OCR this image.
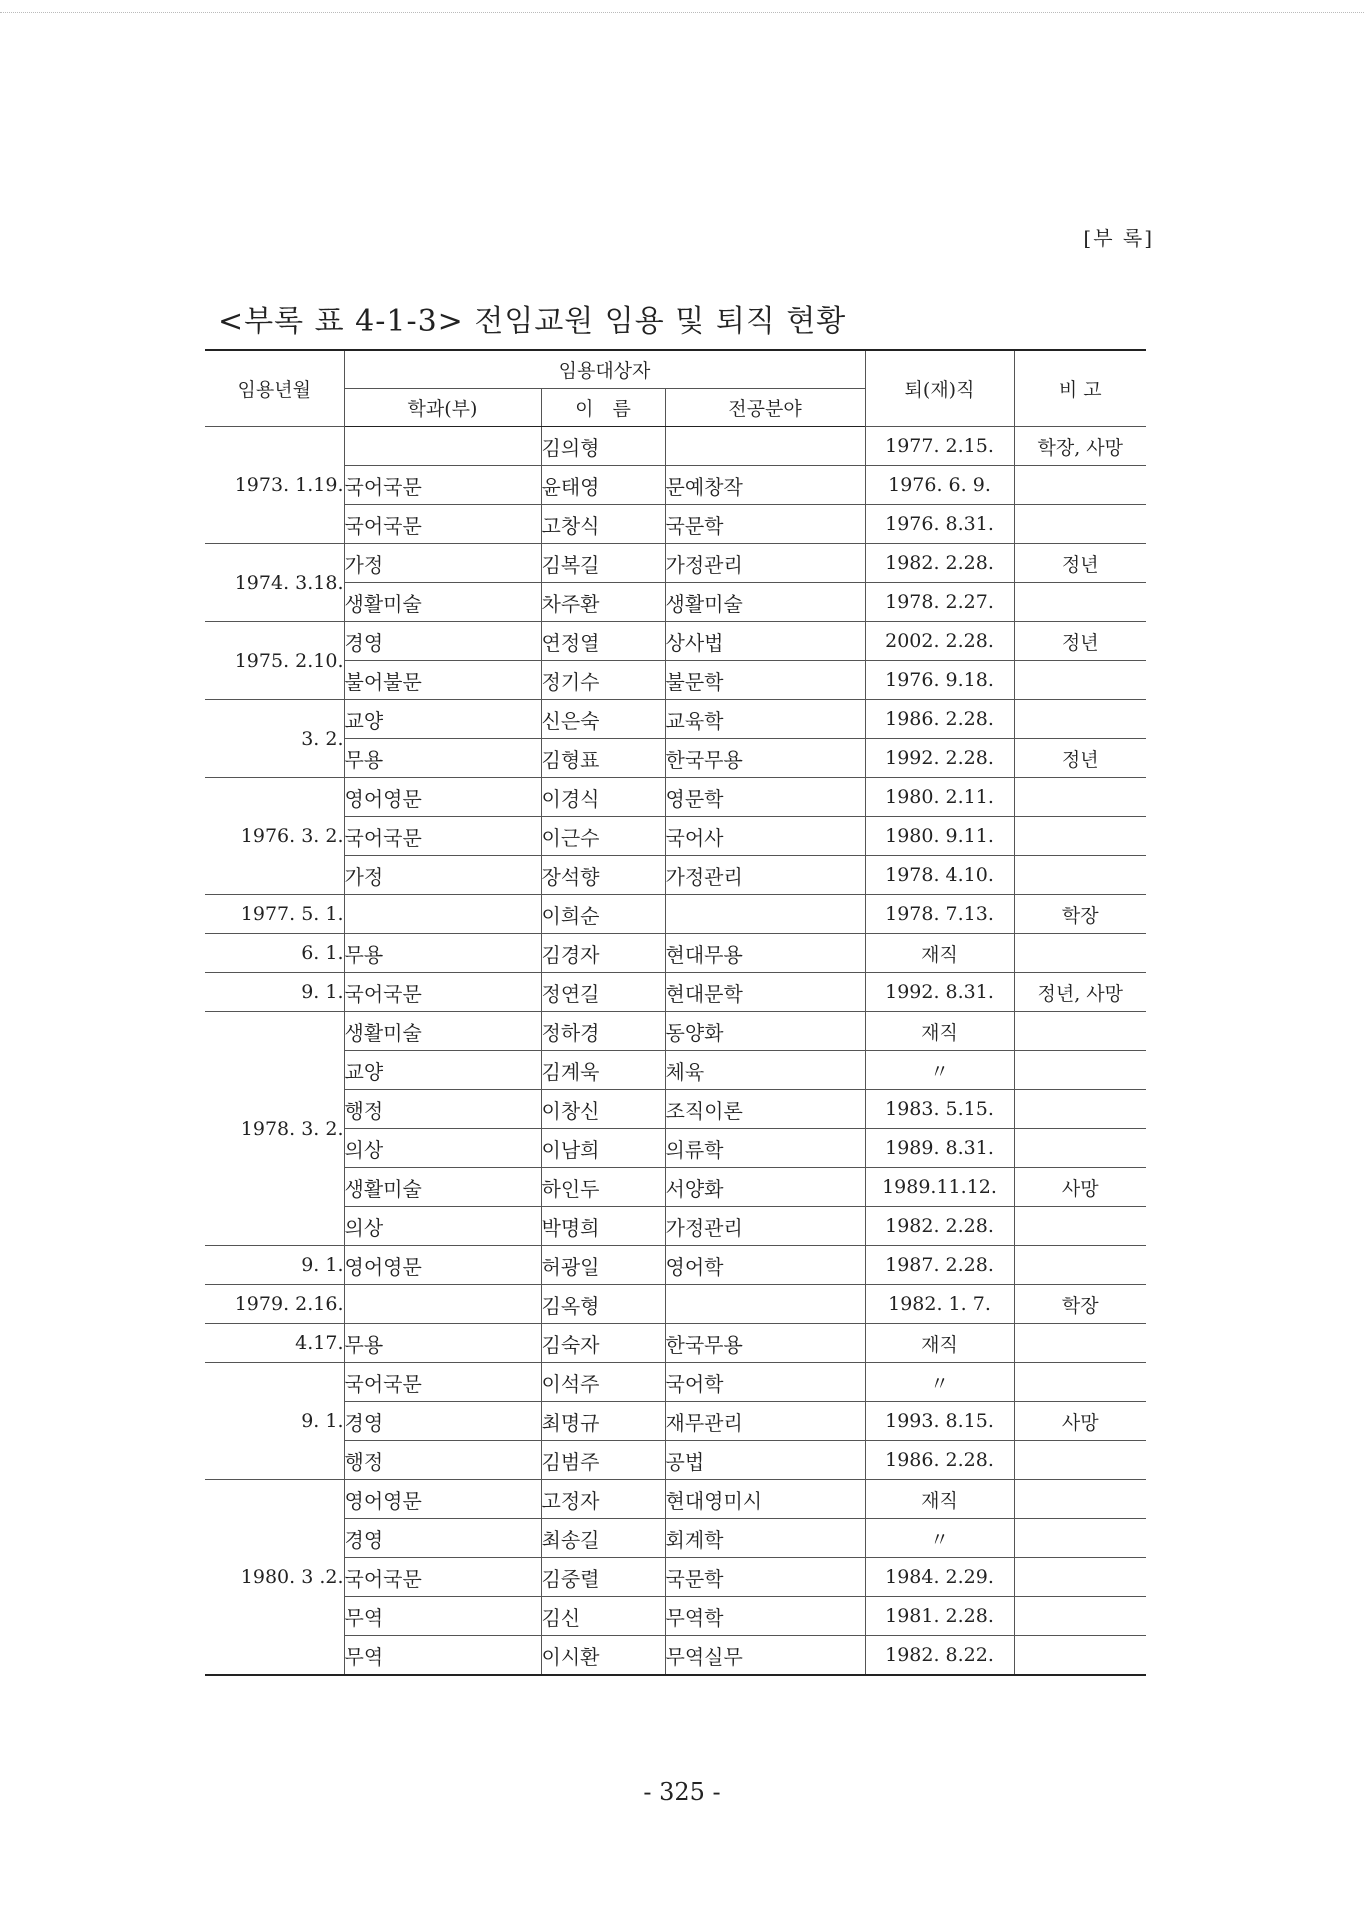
[부 록]
<부록 표 4-1-3> 전임교원 임용 및 퇴직 현황
임용년월	임용대상자			퇴(재)직	비 고
	학과(부)	이　름	전공분야		
1973. 1.19.		김의형		1977. 2.15.	학장, 사망
	국어국문	윤태영	문예창작	1976. 6. 9.	
	국어국문	고창식	국문학	1976. 8.31.	
1974. 3.18.	가정	김복길	가정관리	1982. 2.28.	정년
	생활미술	차주환	생활미술	1978. 2.27.	
1975. 2.10.	경영	연정열	상사법	2002. 2.28.	정년
	불어불문	정기수	불문학	1976. 9.18.	
3. 2.	교양	신은숙	교육학	1986. 2.28.	
	무용	김형표	한국무용	1992. 2.28.	정년
1976. 3. 2.	영어영문	이경식	영문학	1980. 2.11.	
	국어국문	이근수	국어사	1980. 9.11.	
	가정	장석향	가정관리	1978. 4.10.	
1977. 5. 1.		이희순		1978. 7.13.	학장
6. 1.	무용	김경자	현대무용	재직	
9. 1.	국어국문	정연길	현대문학	1992. 8.31.	정년, 사망
1978. 3. 2.	생활미술	정하경	동양화	재직	
	교양	김계욱	체육	〃	
	행정	이창신	조직이론	1983. 5.15.	
	의상	이남희	의류학	1989. 8.31.	
	생활미술	하인두	서양화	1989.11.12.	사망
	의상	박명희	가정관리	1982. 2.28.	
9. 1.	영어영문	허광일	영어학	1987. 2.28.	
1979. 2.16.		김옥형		1982. 1. 7.	학장
4.17.	무용	김숙자	한국무용	재직	
9. 1.	국어국문	이석주	국어학	〃	
	경영	최명규	재무관리	1993. 8.15.	사망
	행정	김범주	공법	1986. 2.28.	
1980. 3 .2.	영어영문	고정자	현대영미시	재직	
	경영	최송길	회계학	〃	
	국어국문	김중렬	국문학	1984. 2.29.	
	무역	김신	무역학	1981. 2.28.	
	무역	이시환	무역실무	1982. 8.22.	
- 325 -
